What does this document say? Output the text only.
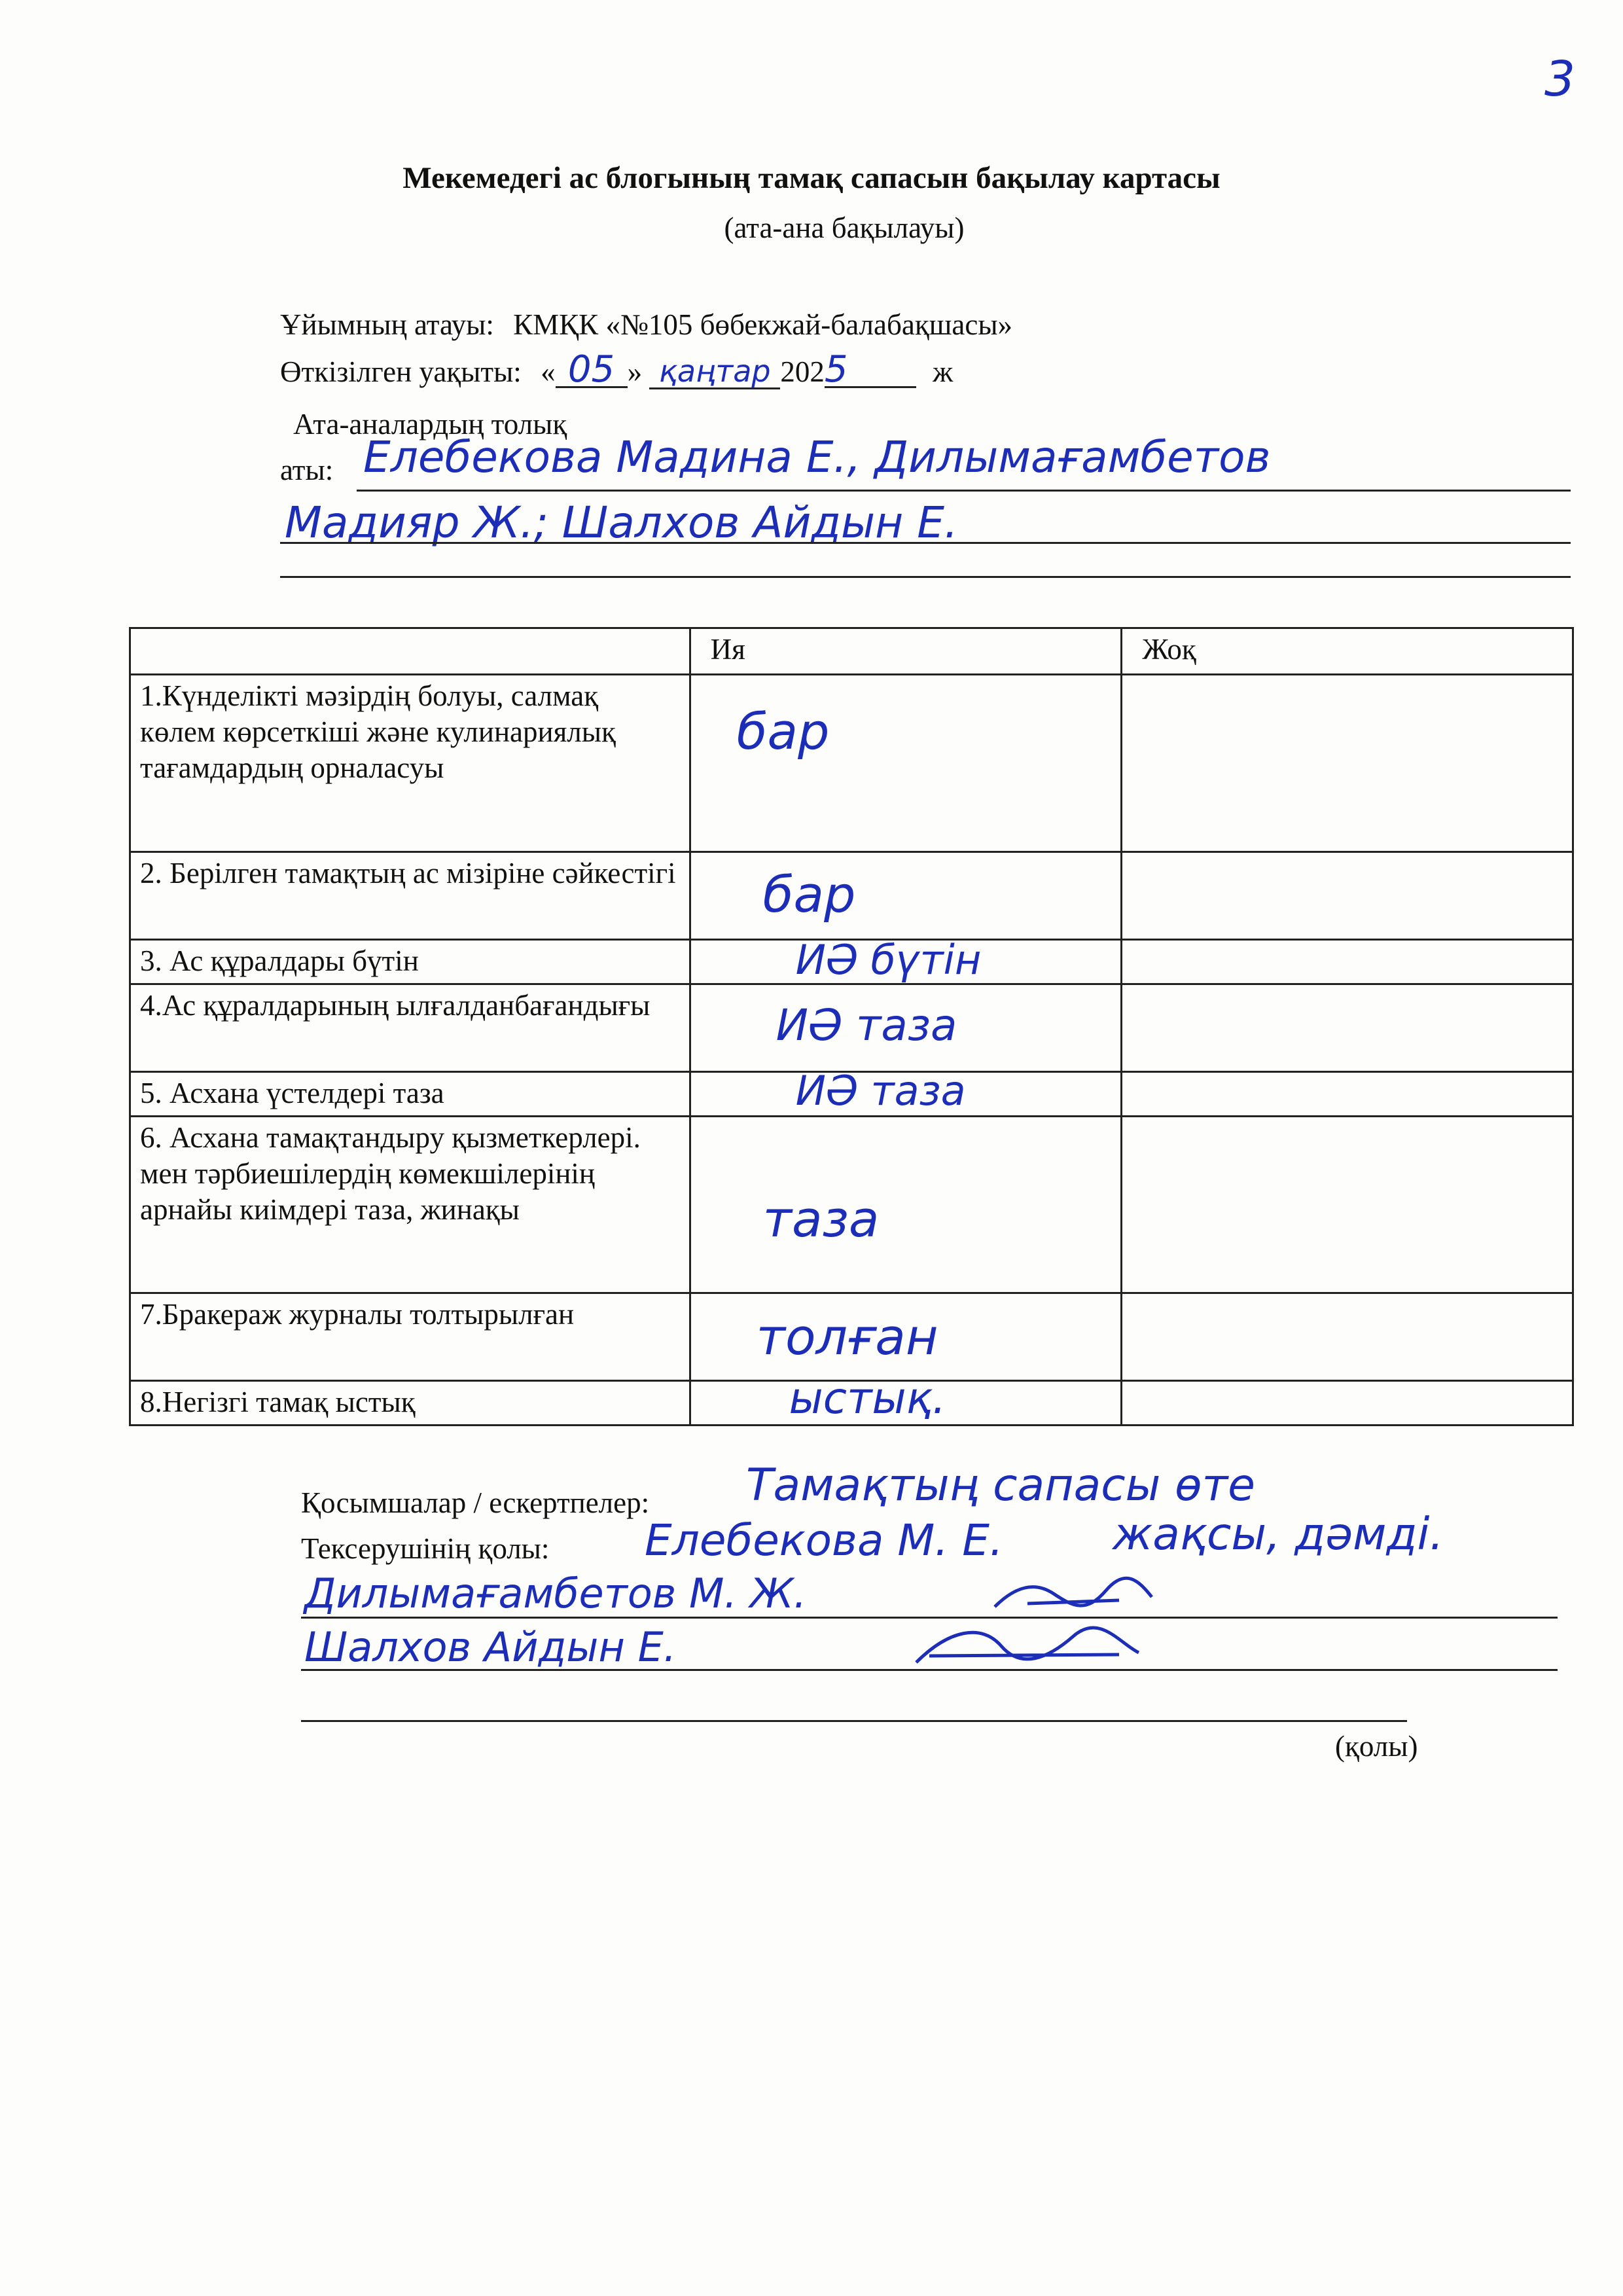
3
Мекемедегі ас блогының тамақ сапасын бақылау картасы
(ата-ана бақылауы)
Ұйымның атауы: КМҚК «№105 бөбекжай-балабақшасы»
Өткізілген уақыты: « 05 » қаңтар 2025	ж
Ата-аналардың толық
аты: Елебекова Мадина Е., Дилымағамбетов
Мадияр Ж.; Шалхов Айдын Е.
	Ия	Жоқ
1.Күнделікті мәзірдің болуы, салмақ көлем көрсеткіші және кулинариялық тағамдардың орналасуы	бар	

2. Берілген тамақтың ас мізіріне сәйкестігі	бар	

3. Ас құралдары бүтін	ИӘ бүтін	

4.Ас құралдарының ылғалданбағандығы	ИӘ таза	

5. Асхана үстелдері таза	ИӘ таза	

6. Асхана тамақтандыру қызметкерлері. мен тәрбиешілердің көмекшілерінің арнайы киімдері таза, жинақы	таза	

7.Бракераж журналы толтырылған	толған	

8.Негізгі тамақ ыстық	ыстық.	

Қосымшалар / ескертпелер: Тамақтың сапасы өте
Тексерушінің қолы: Елебекова М. Е. жақсы, дәмді.
Дилымағамбетов М. Ж.
Шалхов Айдын Е.
(қолы)
